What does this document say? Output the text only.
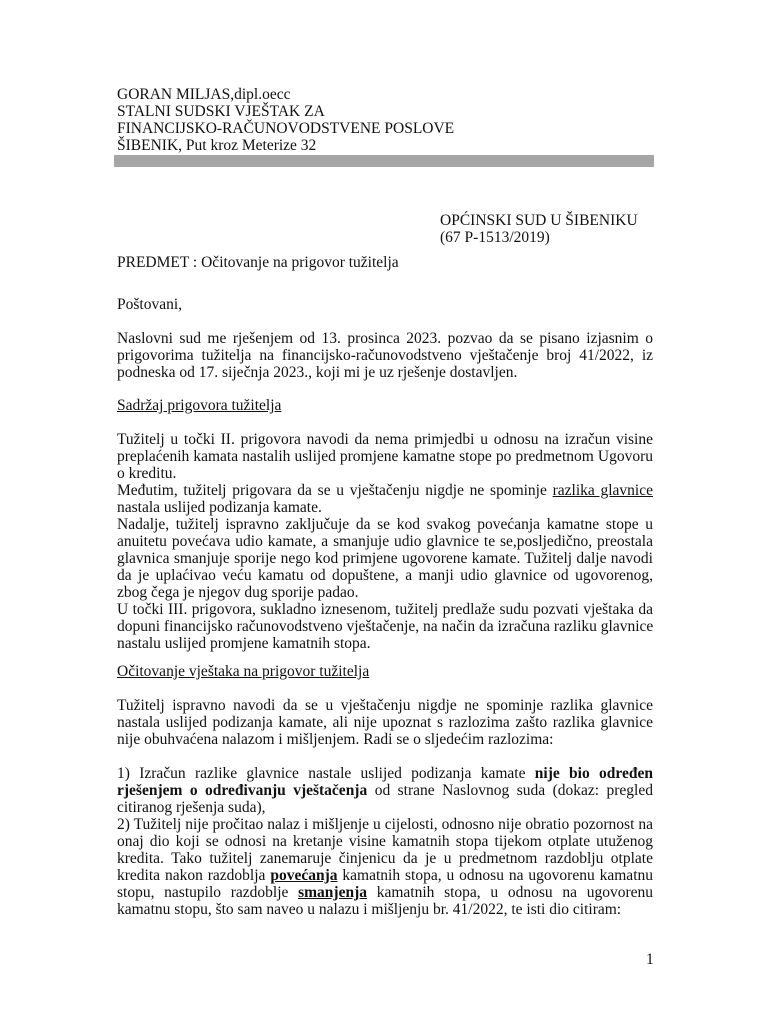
GORAN MILJAS,dipl.oecc
STALNI SUDSKI VJEŠTAK ZA
FINANCIJSKO-RAČUNOVODSTVENE POSLOVE
ŠIBENIK, Put kroz Meterize 32
OPĆINSKI SUD U ŠIBENIKU
(67 P-1513/2019)
PREDMET : Očitovanje na prigovor tužitelja
Poštovani,
Naslovni sud me rješenjem od 13. prosinca 2023. pozvao da se pisano izjasnim o
prigovorima tužitelja na financijsko-računovodstveno vještačenje broj 41/2022, iz
podneska od 17. siječnja 2023., koji mi je uz rješenje dostavljen.
Sadržaj prigovora tužitelja
Tužitelj u točki II. prigovora navodi da nema primjedbi u odnosu na izračun visine
preplaćenih kamata nastalih uslijed promjene kamatne stope po predmetnom Ugovoru
o kreditu.
Međutim, tužitelj prigovara da se u vještačenju nigdje ne spominje razlika glavnice
nastala uslijed podizanja kamate.
Nadalje, tužitelj ispravno zaključuje da se kod svakog povećanja kamatne stope u
anuitetu povećava udio kamate, a smanjuje udio glavnice te se,posljedično, preostala
glavnica smanjuje sporije nego kod primjene ugovorene kamate. Tužitelj dalje navodi
da je uplaćivao veću kamatu od dopuštene, a manji udio glavnice od ugovorenog,
zbog čega je njegov dug sporije padao.
U točki III. prigovora, sukladno iznesenom, tužitelj predlaže sudu pozvati vještaka da
dopuni financijsko računovodstveno vještačenje, na način da izračuna razliku glavnice
nastalu uslijed promjene kamatnih stopa.
Očitovanje vještaka na prigovor tužitelja
Tužitelj ispravno navodi da se u vještačenju nigdje ne spominje razlika glavnice
nastala uslijed podizanja kamate, ali nije upoznat s razlozima zašto razlika glavnice
nije obuhvaćena nalazom i mišljenjem. Radi se o sljedećim razlozima:
1) Izračun razlike glavnice nastale uslijed podizanja kamate nije bio određen
rješenjem o određivanju vještačenja od strane Naslovnog suda (dokaz: pregled
citiranog rješenja suda),
2) Tužitelj nije pročitao nalaz i mišljenje u cijelosti, odnosno nije obratio pozornost na
onaj dio koji se odnosi na kretanje visine kamatnih stopa tijekom otplate utuženog
kredita. Tako tužitelj zanemaruje činjenicu da je u predmetnom razdoblju otplate
kredita nakon razdoblja povećanja kamatnih stopa, u odnosu na ugovorenu kamatnu
stopu, nastupilo razdoblje smanjenja kamatnih stopa, u odnosu na ugovorenu
kamatnu stopu, što sam naveo u nalazu i mišljenju br. 41/2022, te isti dio citiram:
1
